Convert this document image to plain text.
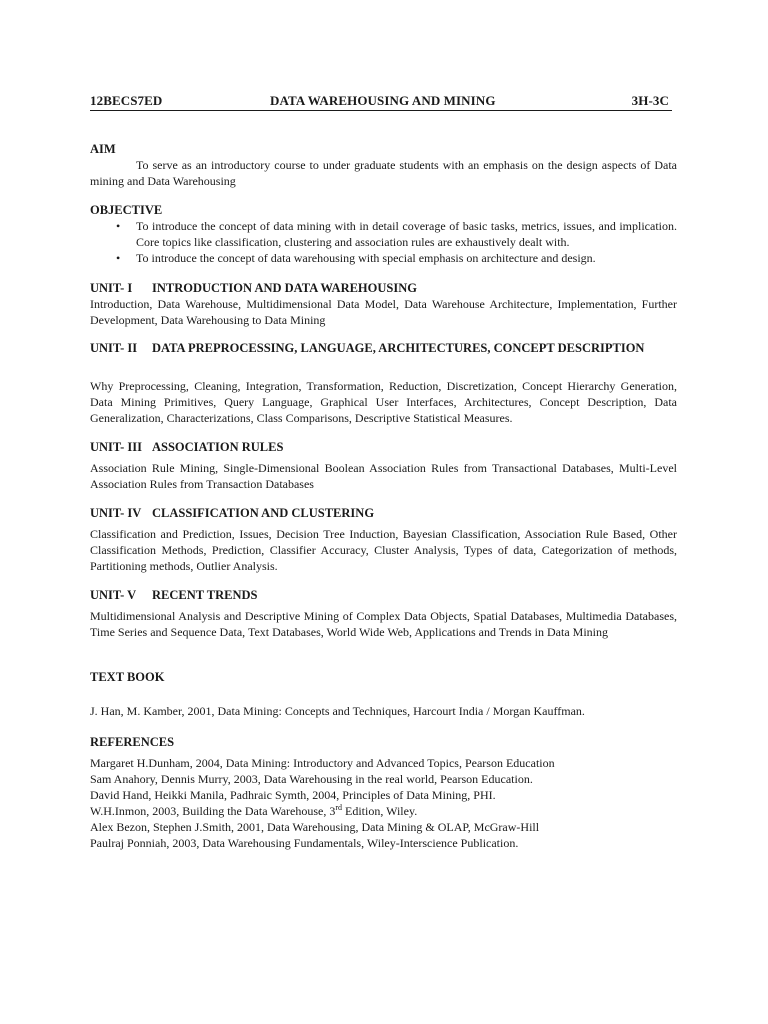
12BECS7ED	DATA WAREHOUSING AND MINING	3H-3C
AIM
To serve as an introductory course to under graduate students with an emphasis on the design aspects of Data mining and Data Warehousing
OBJECTIVE
• To introduce the concept of data mining with in detail coverage of basic tasks, metrics, issues, and implication. Core topics like classification, clustering and association rules are exhaustively dealt with.
• To introduce the concept of data warehousing with special emphasis on architecture and design.
UNIT- I INTRODUCTION AND DATA WAREHOUSING
Introduction, Data Warehouse, Multidimensional Data Model, Data Warehouse Architecture, Implementation, Further Development, Data Warehousing to Data Mining
UNIT- II DATA PREPROCESSING, LANGUAGE, ARCHITECTURES, CONCEPT DESCRIPTION
Why Preprocessing, Cleaning, Integration, Transformation, Reduction, Discretization, Concept Hierarchy Generation, Data Mining Primitives, Query Language, Graphical User Interfaces, Architectures, Concept Description, Data Generalization, Characterizations, Class Comparisons, Descriptive Statistical Measures.
UNIT- III ASSOCIATION RULES
Association Rule Mining, Single-Dimensional Boolean Association Rules from Transactional Databases, Multi-Level Association Rules from Transaction Databases
UNIT- IV CLASSIFICATION AND CLUSTERING
Classification and Prediction, Issues, Decision Tree Induction, Bayesian Classification, Association Rule Based, Other Classification Methods, Prediction, Classifier Accuracy, Cluster Analysis, Types of data, Categorization of methods, Partitioning methods, Outlier Analysis.
UNIT- V RECENT TRENDS
Multidimensional Analysis and Descriptive Mining of Complex Data Objects, Spatial Databases, Multimedia Databases, Time Series and Sequence Data, Text Databases, World Wide Web, Applications and Trends in Data Mining
TEXT BOOK
J. Han, M. Kamber, 2001, Data Mining: Concepts and Techniques, Harcourt India / Morgan Kauffman.
REFERENCES
Margaret H.Dunham, 2004, Data Mining: Introductory and Advanced Topics, Pearson Education
Sam Anahory, Dennis Murry, 2003, Data Warehousing in the real world, Pearson Education.
David Hand, Heikki Manila, Padhraic Symth, 2004, Principles of Data Mining, PHI.
W.H.Inmon, 2003, Building the Data Warehouse, 3rd Edition, Wiley.
Alex Bezon, Stephen J.Smith, 2001, Data Warehousing, Data Mining & OLAP, McGraw-Hill
Paulraj Ponniah, 2003, Data Warehousing Fundamentals, Wiley-Interscience Publication.
